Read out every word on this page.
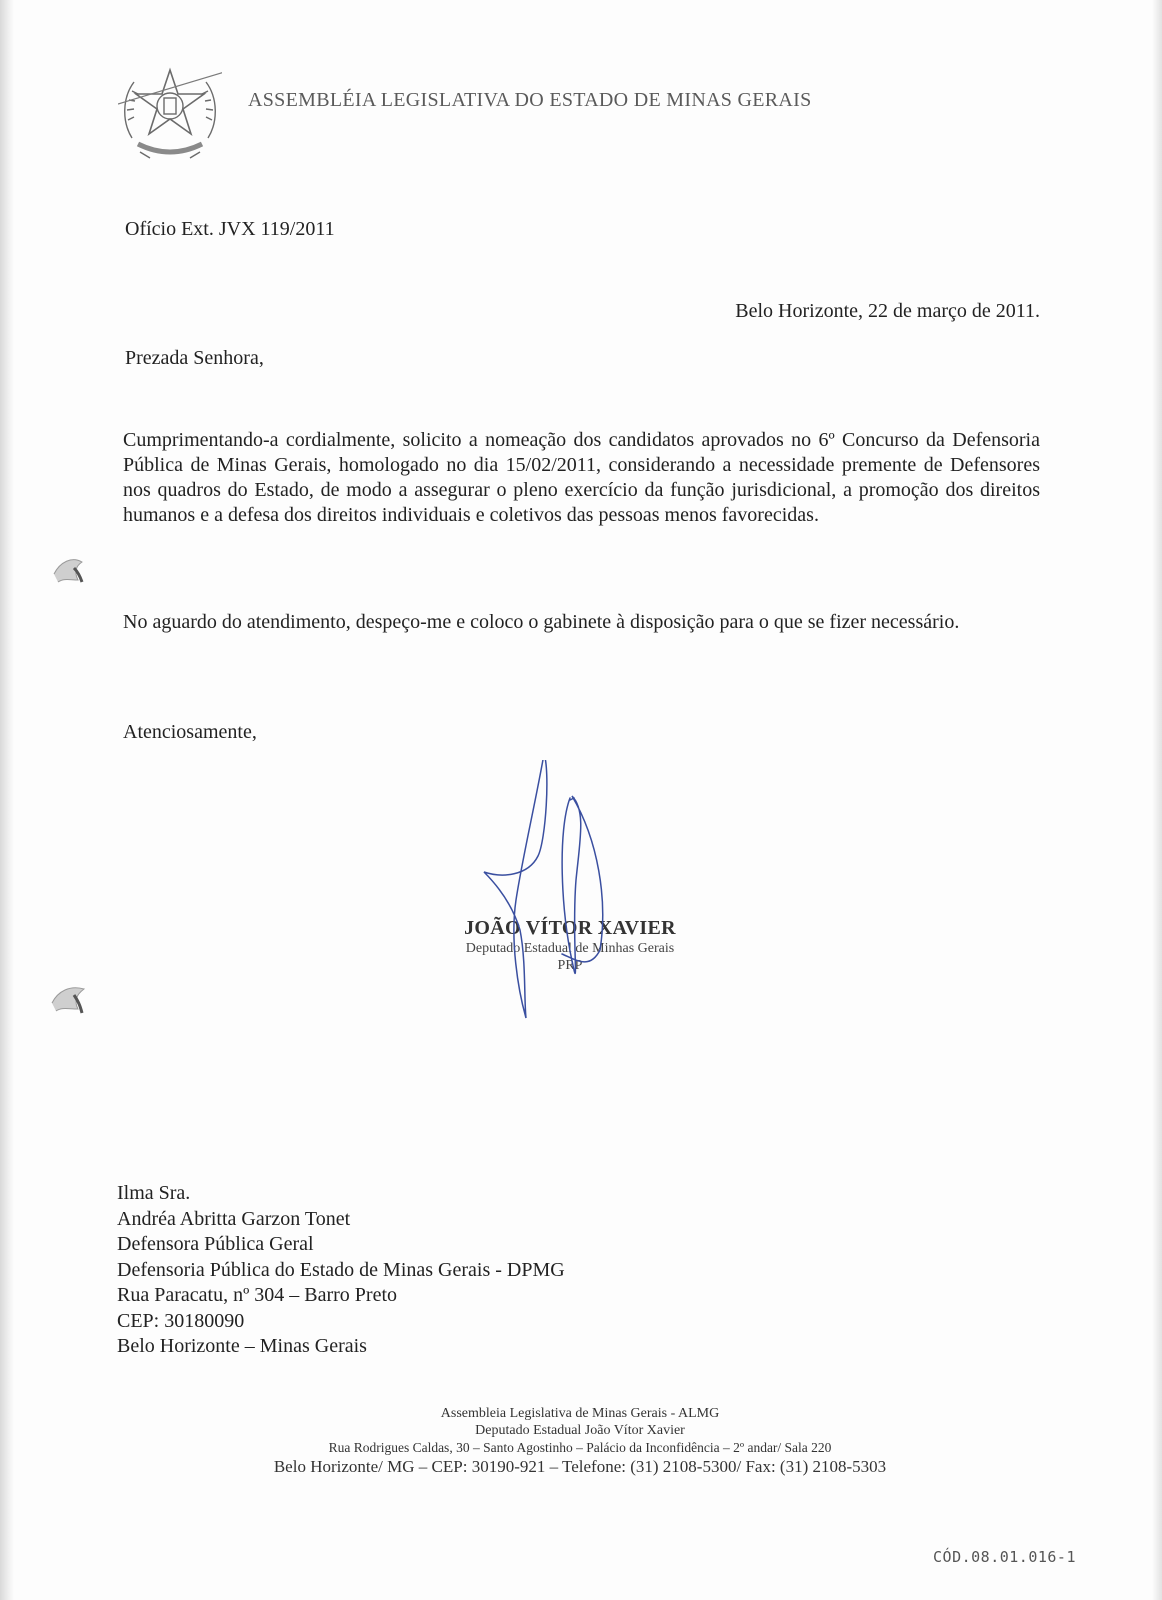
ASSEMBLÉIA LEGISLATIVA DO ESTADO DE MINAS GERAIS
Ofício Ext. JVX 119/2011
Belo Horizonte, 22 de março de 2011.
Prezada Senhora,
Cumprimentando-a cordialmente, solicito a nomeação dos candidatos aprovados no 6º Concurso da Defensoria Pública de Minas Gerais, homologado no dia 15/02/2011, considerando a necessidade premente de Defensores nos quadros do Estado, de modo a assegurar o pleno exercício da função jurisdicional, a promoção dos direitos humanos e a defesa dos direitos individuais e coletivos das pessoas menos favorecidas.
No aguardo do atendimento, despeço-me e coloco o gabinete à disposição para o que se fizer necessário.
Atenciosamente,
JOÃO VÍTOR XAVIER
Deputado Estadual de Minhas Gerais
PRP
Ilma Sra.
Andréa Abritta Garzon Tonet
Defensora Pública Geral
Defensoria Pública do Estado de Minas Gerais - DPMG
Rua Paracatu, nº 304 – Barro Preto
CEP: 30180090
Belo Horizonte – Minas Gerais
Assembleia Legislativa de Minas Gerais - ALMG
Deputado Estadual João Vítor Xavier
Rua Rodrigues Caldas, 30 – Santo Agostinho – Palácio da Inconfidência – 2º andar/ Sala 220
Belo Horizonte/ MG – CEP: 30190-921 – Telefone: (31) 2108-5300/ Fax: (31) 2108-5303
CÓD.08.01.016-1
